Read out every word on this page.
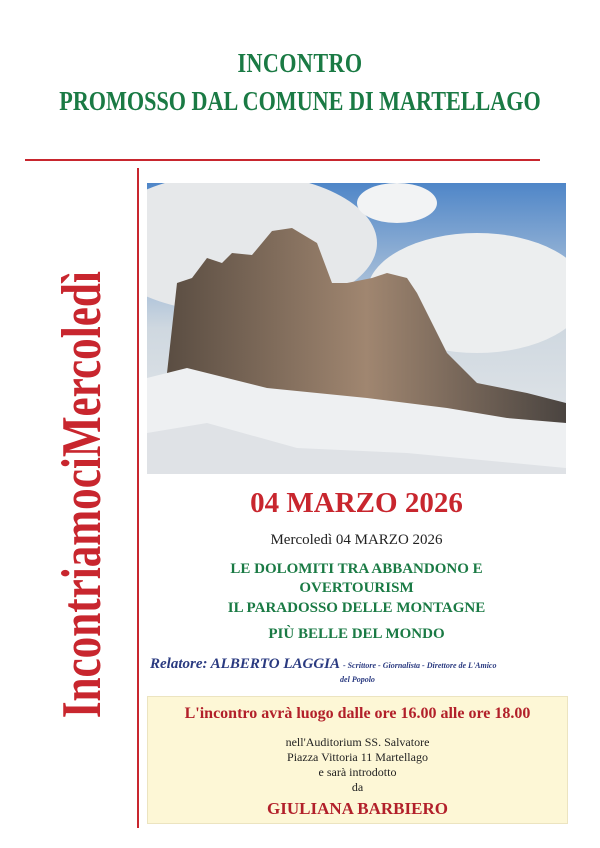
INCONTRO
PROMOSSO DAL COMUNE DI MARTELLAGO
IncontriamociMercoledì	04 MARZO 2026
Mercoledì 04 MARZO 2026
LE DOLOMITI TRA ABBANDONO E
OVERTOURISM
IL PARADOSSO DELLE MONTAGNE
PIÙ BELLE DEL MONDO
Relatore: ALBERTO LAGGIA - Scrittore - Giornalista - Direttore de L'Amico
del Popolo
L'incontro avrà luogo dalle ore 16.00 alle ore 18.00
nell'Auditorium SS. Salvatore
Piazza Vittoria 11 Martellago
e sarà introdotto
da
GIULIANA BARBIERO
